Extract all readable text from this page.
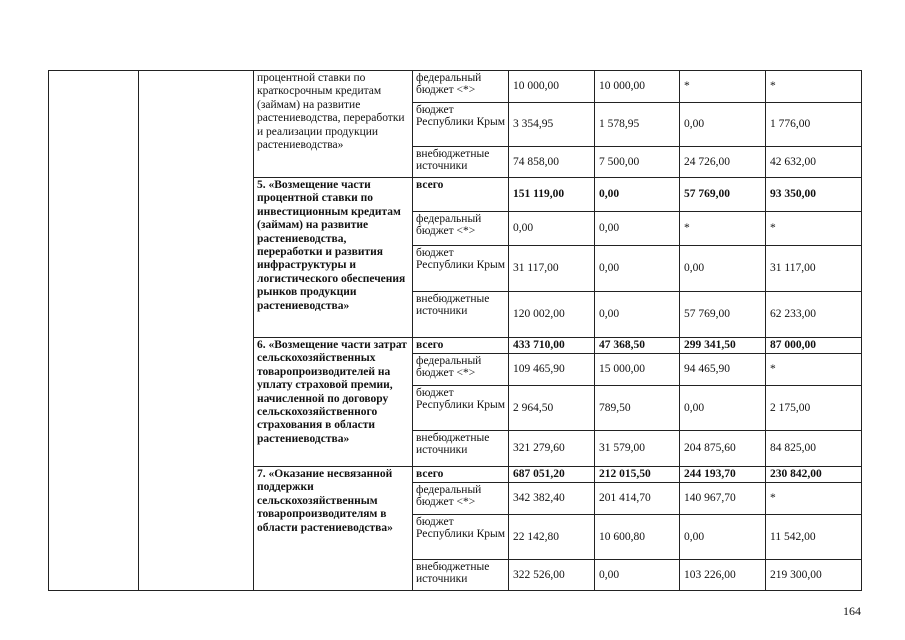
		процентной ставки по краткосрочным кредитам (займам) на развитие растениеводства, переработки и реализации продукции растениеводства»	федеральный бюджет <*>	10 000,00	10 000,00	*	*
			бюджет Республики Крым	3 354,95	1 578,95	0,00	1 776,00
			внебюджетные источники	74 858,00	7 500,00	24 726,00	42 632,00
		5. «Возмещение части процентной ставки по инвестиционным кредитам (займам) на развитие растениеводства, переработки и развития инфраструктуры и логистического обеспечения рынков продукции растениеводства»	всего	151 119,00	0,00	57 769,00	93 350,00
			федеральный бюджет <*>	0,00	0,00	*	*
			бюджет Республики Крым	31 117,00	0,00	0,00	31 117,00
			внебюджетные источники	120 002,00	0,00	57 769,00	62 233,00
		6. «Возмещение части затрат сельскохозяйственных товаропроизводителей на уплату страховой премии, начисленной по договору сельскохозяйственного страхования в области растениеводства»	всего	433 710,00	47 368,50	299 341,50	87 000,00
			федеральный бюджет <*>	109 465,90	15 000,00	94 465,90	*
			бюджет Республики Крым	2 964,50	789,50	0,00	2 175,00
			внебюджетные источники	321 279,60	31 579,00	204 875,60	84 825,00
		7. «Оказание несвязанной поддержки сельскохозяйственным товаропроизводителям в области растениеводства»	всего	687 051,20	212 015,50	244 193,70	230 842,00
			федеральный бюджет <*>	342 382,40	201 414,70	140 967,70	*
			бюджет Республики Крым	22 142,80	10 600,80	0,00	11 542,00
			внебюджетные источники	322 526,00	0,00	103 226,00	219 300,00
164
